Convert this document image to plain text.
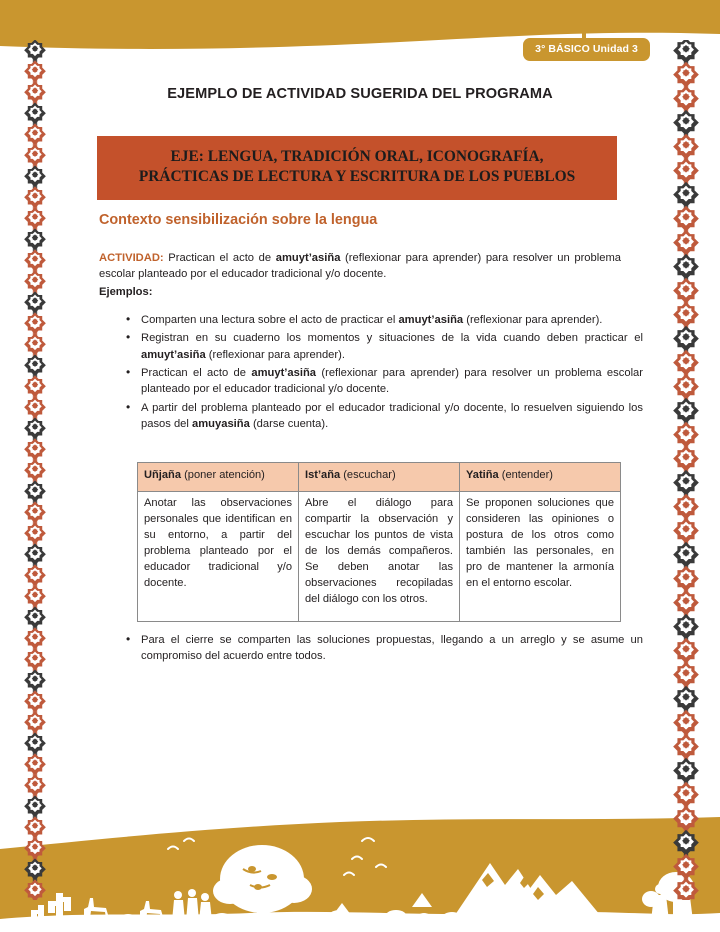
3° BÁSICO Unidad 3
EJEMPLO DE ACTIVIDAD SUGERIDA DEL PROGRAMA
EJE: LENGUA, TRADICIÓN ORAL, ICONOGRAFÍA,
PRÁCTICAS DE LECTURA Y ESCRITURA DE LOS PUEBLOS
Contexto sensibilización sobre la lengua
ACTIVIDAD: Practican el acto de amuyt’asiña (reflexionar para aprender) para resolver un problema escolar planteado por el educador tradicional y/o docente.
Ejemplos:
• Comparten una lectura sobre el acto de practicar el amuyt’asiña (reflexionar para aprender).
• Registran en su cuaderno los momentos y situaciones de la vida cuando deben practicar el amuyt’asiña (reflexionar para aprender).
• Practican el acto de amuyt’asiña (reflexionar para aprender) para resolver un problema escolar planteado por el educador tradicional y/o docente.
• A partir del problema planteado por el educador tradicional y/o docente, lo resuelven siguiendo los pasos del amuyasiña (darse cuenta).
Uñjaña (poner atención)	Ist’aña (escuchar)	Yatiña (entender)
Anotar las observaciones personales que identifican en su entorno, a partir del problema planteado por el educador tradicional y/o docente.	Abre el diálogo para compartir la observación y escuchar los puntos de vista de los demás compañeros. Se deben anotar las observaciones recopiladas del diálogo con los otros.	Se proponen soluciones que consideren las opiniones o postura de los otros como también las personales, en pro de mantener la armonía en el entorno escolar.
• Para el cierre se comparten las soluciones propuestas, llegando a un arreglo y se asume un compromiso del acuerdo entre todos.
